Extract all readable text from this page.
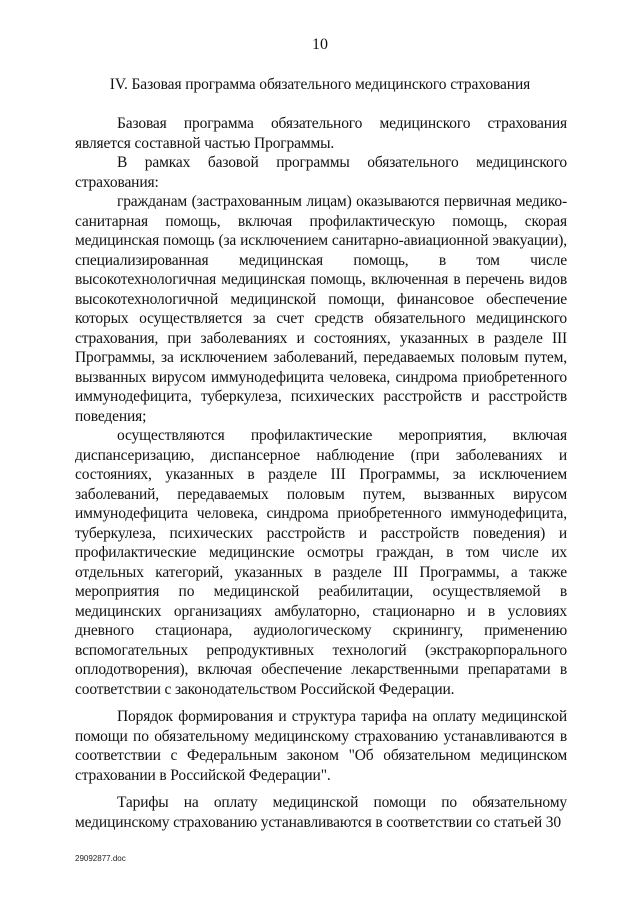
10
IV. Базовая программа обязательного медицинского страхования

Базовая программа обязательного медицинского страхования является составной частью Программы.

В рамках базовой программы обязательного медицинского страхования:

гражданам (застрахованным лицам) оказываются первичная медико-санитарная помощь, включая профилактическую помощь, скорая медицинская помощь (за исключением санитарно-авиационной эвакуации), специализированная медицинская помощь, в том числе высокотехнологичная медицинская помощь, включенная в перечень видов высокотехнологичной медицинской помощи, финансовое обеспечение которых осуществляется за счет средств обязательного медицинского страхования, при заболеваниях и состояниях, указанных в разделе III Программы, за исключением заболеваний, передаваемых половым путем, вызванных вирусом иммунодефицита человека, синдрома приобретенного иммунодефицита, туберкулеза, психических расстройств и расстройств поведения;

осуществляются профилактические мероприятия, включая диспансеризацию, диспансерное наблюдение (при заболеваниях и состояниях, указанных в разделе III Программы, за исключением заболеваний, передаваемых половым путем, вызванных вирусом иммунодефицита человека, синдрома приобретенного иммунодефицита, туберкулеза, психических расстройств и расстройств поведения) и профилактические медицинские осмотры граждан, в том числе их отдельных категорий, указанных в разделе III Программы, а также мероприятия по медицинской реабилитации, осуществляемой в медицинских организациях амбулаторно, стационарно и в условиях дневного стационара, аудиологическому скринингу, применению вспомогательных репродуктивных технологий (экстракорпорального оплодотворения), включая обеспечение лекарственными препаратами в соответствии с законодательством Российской Федерации.

Порядок формирования и структура тарифа на оплату медицинской помощи по обязательному медицинскому страхованию устанавливаются в соответствии с Федеральным законом "Об обязательном медицинском страховании в Российской Федерации".

Тарифы на оплату медицинской помощи по обязательному медицинскому страхованию устанавливаются в соответствии со статьей 30

29092877.doc
